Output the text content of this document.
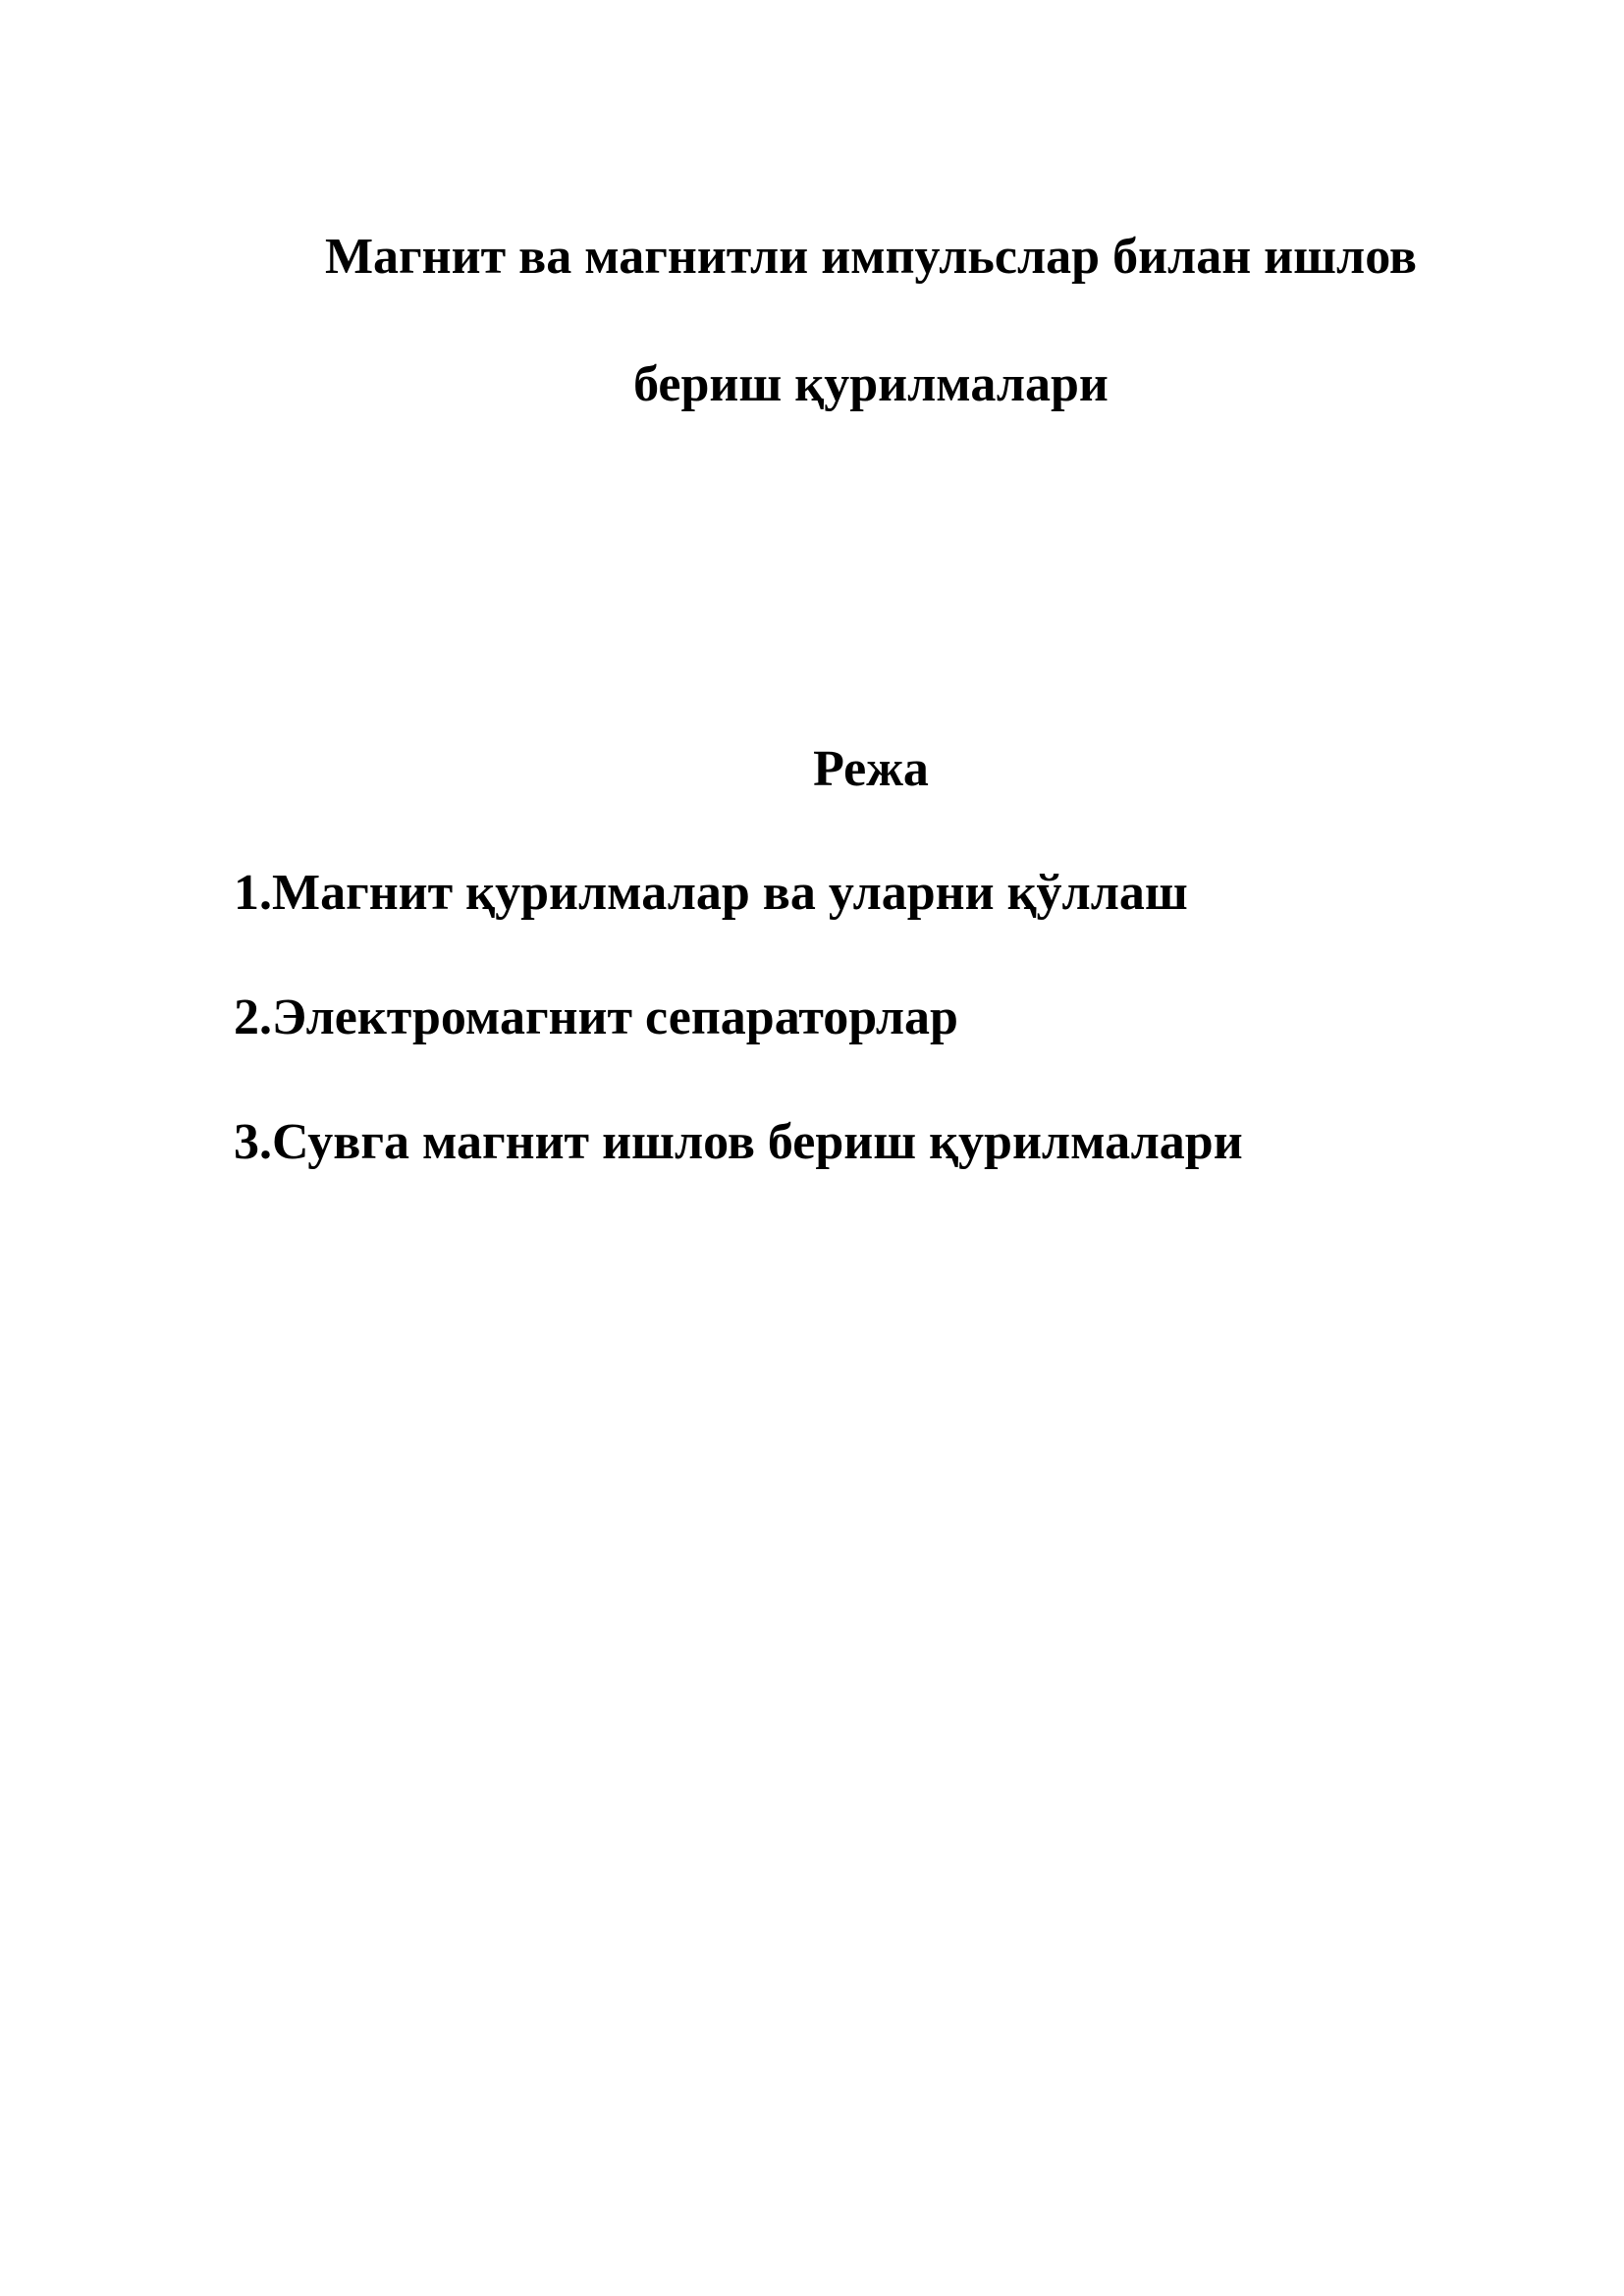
Магнит ва магнитли импульслар билан ишлов
бериш қурилмалари
Режа
1.Магнит қурилмалар ва уларни қўллаш
2.Электромагнит сепараторлар
3.Сувга магнит ишлов бериш қурилмалари
